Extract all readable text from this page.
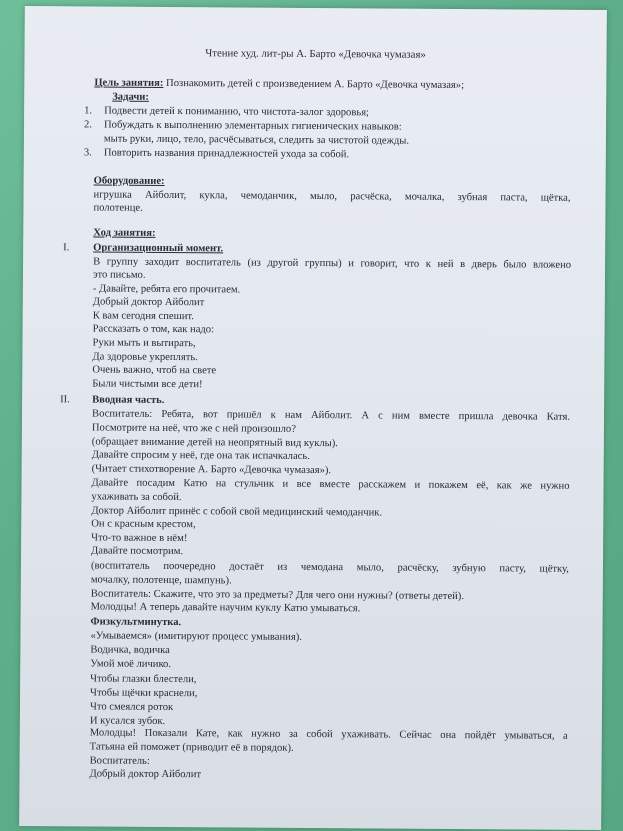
Чтение худ. лит-ры А. Барто «Девочка чумазая»
Цель занятия: Познакомить детей с произведением А. Барто «Девочка чумазая»;
Задачи:
1. Подвести детей к пониманию, что чистота-залог здоровья;
2. Побуждать к выполнению элементарных гигиенических навыков:
мыть руки, лицо, тело, расчёсываться, следить за чистотой одежды.
3. Повторить названия принадлежностей ухода за собой.
Оборудование:
игрушка Айболит, кукла, чемоданчик, мыло, расчёска, мочалка, зубная паста, щётка,
полотенце.
Ход занятия:
I. Организационный момент.
В группу заходит воспитатель (из другой группы) и говорит, что к ней в дверь было вложено
это письмо.
- Давайте, ребята его прочитаем.
Добрый доктор Айболит
К вам сегодня спешит.
Рассказать о том, как надо:
Руки мыть и вытирать,
Да здоровье укреплять.
Очень важно, чтоб на свете
Были чистыми все дети!
II. Вводная часть.
Воспитатель: Ребята, вот пришёл к нам Айболит. А с ним вместе пришла девочка Катя.
Посмотрите на неё, что же с ней произошло?
(обращает внимание детей на неопрятный вид куклы).
Давайте спросим у неё, где она так испачкалась.
(Читает стихотворение А. Барто «Девочка чумазая»).
Давайте посадим Катю на стульчик и все вместе расскажем и покажем её, как же нужно
ухаживать за собой.
Доктор Айболит принёс с собой свой медицинский чемоданчик.
Он с красным крестом,
Что-то важное в нём!
Давайте посмотрим.
(воспитатель поочередно достаёт из чемодана мыло, расчёску, зубную пасту, щётку,
мочалку, полотенце, шампунь).
Воспитатель: Скажите, что это за предметы? Для чего они нужны? (ответы детей).
Молодцы! А теперь давайте научим куклу Катю умываться.
Физкультминутка.
«Умываемся» (имитируют процесс умывания).
Водичка, водичка
Умой моё личико.
Чтобы глазки блестели,
Чтобы щёчки краснели,
Что смеялся роток
И кусался зубок.
Молодцы! Показали Кате, как нужно за собой ухаживать. Сейчас она пойдёт умываться, а
Татьяна ей поможет (приводит её в порядок).
Воспитатель:
Добрый доктор Айболит
